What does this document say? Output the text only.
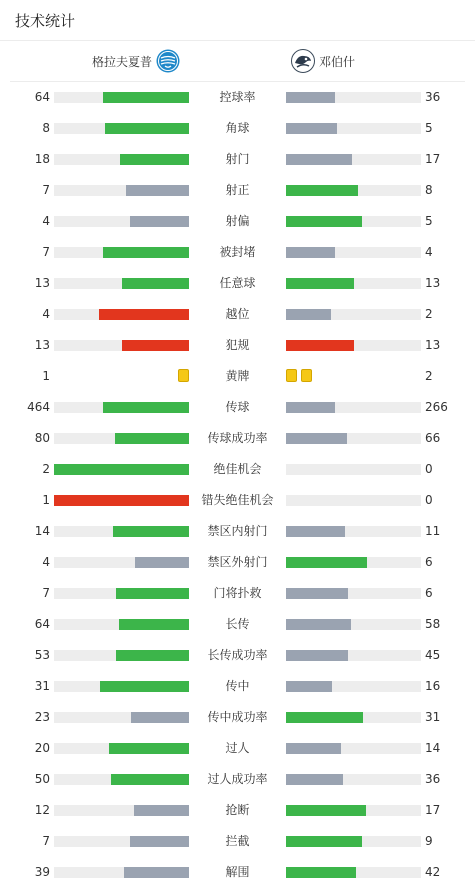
技术统计
格拉夫夏普	邓伯什
64	控球率	36
8	角球	5
18	射门	17
7	射正	8
4	射偏	5
7	被封堵	4
13	任意球	13
4	越位	2
13	犯规	13
1	黄牌	2
464	传球	266
80	传球成功率	66
2	绝佳机会	0
1	错失绝佳机会	0
14	禁区内射门	11
4	禁区外射门	6
7	门将扑救	6
64	长传	58
53	长传成功率	45
31	传中	16
23	传中成功率	31
20	过人	14
50	过人成功率	36
12	抢断	17
7	拦截	9
39	解围	42
